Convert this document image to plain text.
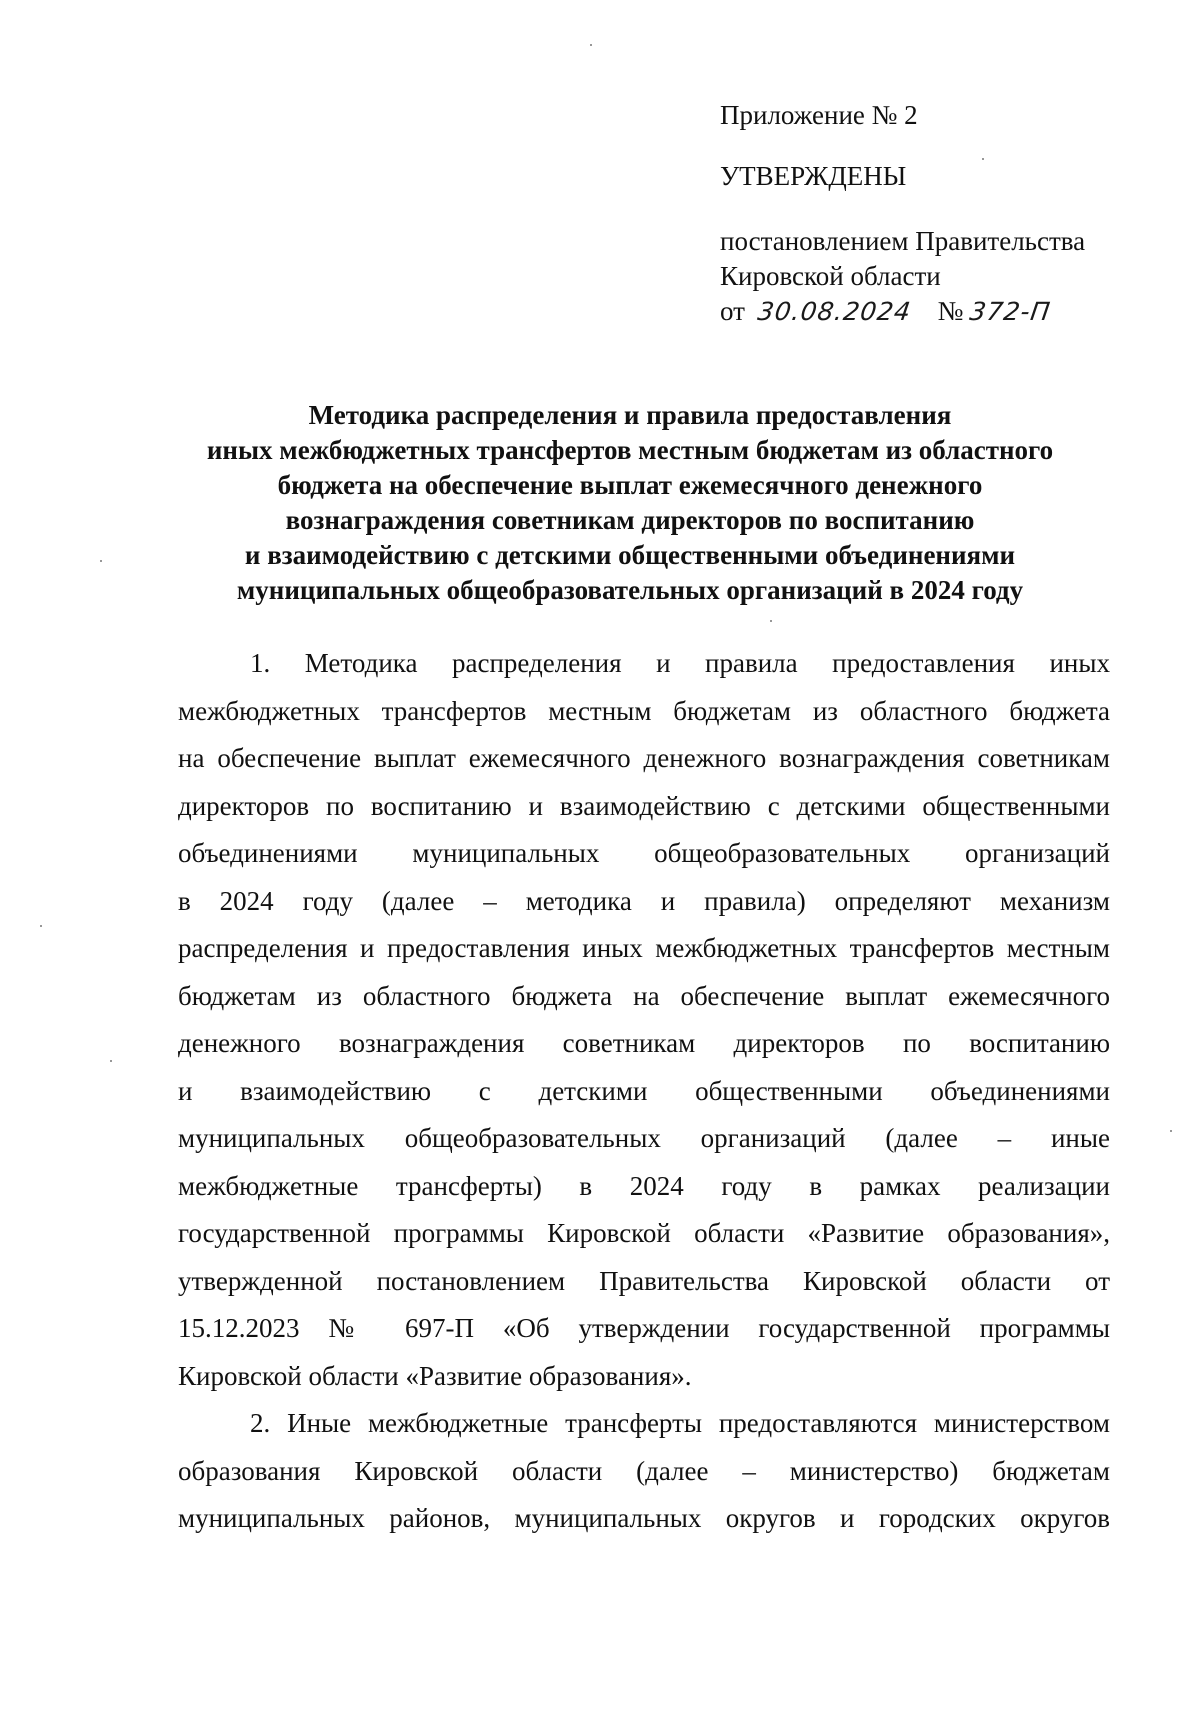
Приложение № 2
УТВЕРЖДЕНЫ
постановлением Правительства
Кировской области
от 30.08.2024 № 372-П
Методика распределения и правила предоставления
иных межбюджетных трансфертов местным бюджетам из областного
бюджета на обеспечение выплат ежемесячного денежного
вознаграждения советникам директоров по воспитанию
и взаимодействию с детскими общественными объединениями
муниципальных общеобразовательных организаций в 2024 году
1. Методика распределения и правила предоставления иных
межбюджетных трансфертов местным бюджетам из областного бюджета
на обеспечение выплат ежемесячного денежного вознаграждения советникам
директоров по воспитанию и взаимодействию с детскими общественными
объединениями муниципальных общеобразовательных организаций
в 2024 году (далее – методика и правила) определяют механизм
распределения и предоставления иных межбюджетных трансфертов местным
бюджетам из областного бюджета на обеспечение выплат ежемесячного
денежного вознаграждения советникам директоров по воспитанию
и взаимодействию с детскими общественными объединениями
муниципальных общеобразовательных организаций (далее – иные
межбюджетные трансферты) в 2024 году в рамках реализации
государственной программы Кировской области «Развитие образования»,
утвержденной постановлением Правительства Кировской области от
15.12.2023 № 697-П «Об утверждении государственной программы
Кировской области «Развитие образования».
2. Иные межбюджетные трансферты предоставляются министерством
образования Кировской области (далее – министерство) бюджетам
муниципальных районов, муниципальных округов и городских округов
